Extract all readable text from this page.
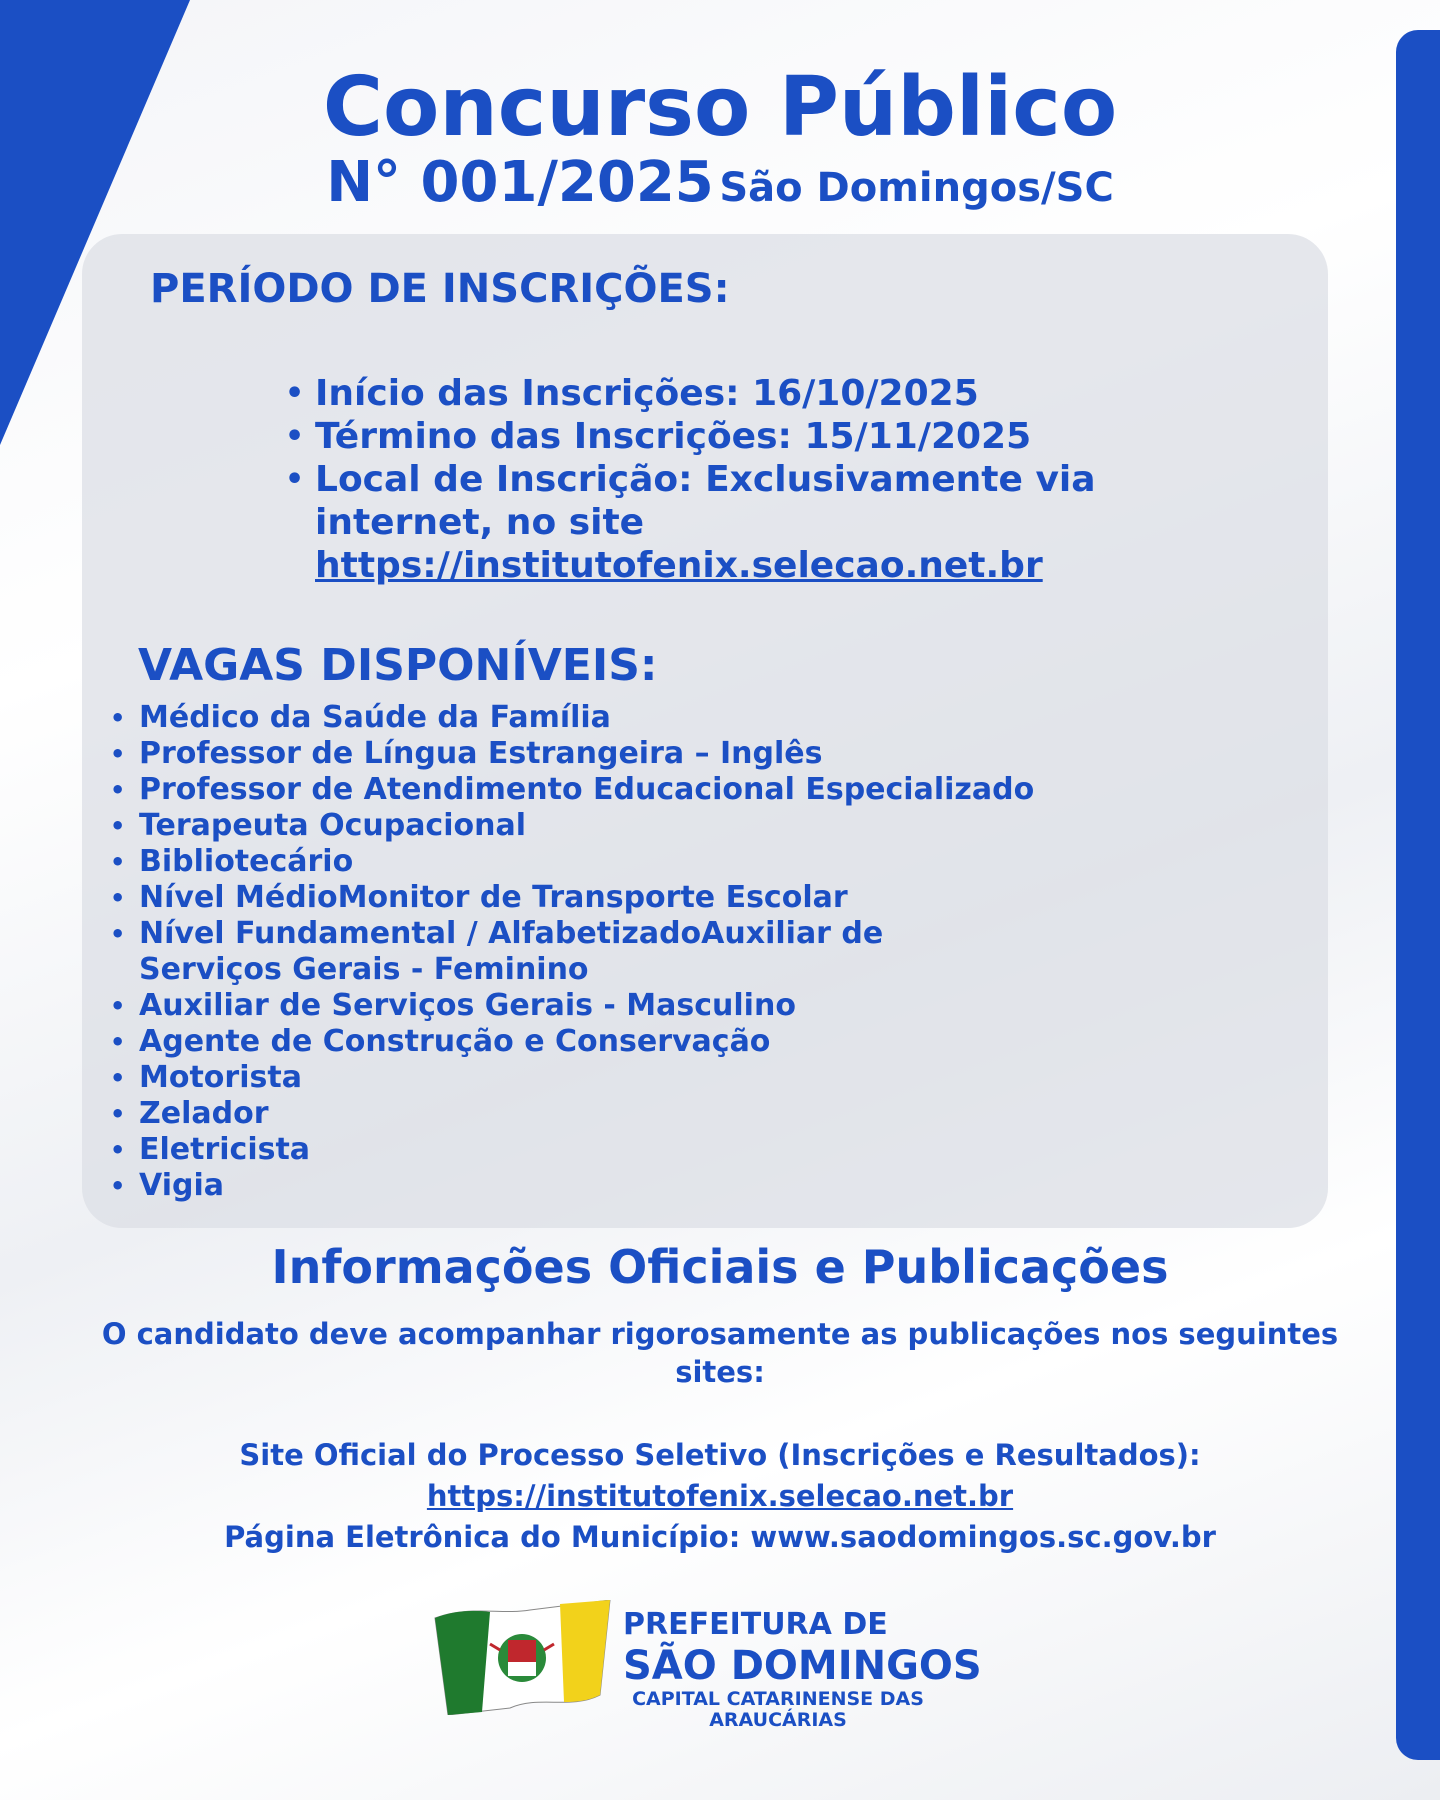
Concurso Público
N° 001/2025 São Domingos/SC
PERÍODO DE INSCRIÇÕES:
• Início das Inscrições: 16/10/2025
• Término das Inscrições: 15/11/2025
• Local de Inscrição: Exclusivamente via
internet, no site
https://institutofenix.selecao.net.br
VAGAS DISPONÍVEIS:
• Médico da Saúde da Família
• Professor de Língua Estrangeira – Inglês
• Professor de Atendimento Educacional Especializado
• Terapeuta Ocupacional
• Bibliotecário
• Nível MédioMonitor de Transporte Escolar
• Nível Fundamental / AlfabetizadoAuxiliar de Serviços Gerais - Feminino
• Auxiliar de Serviços Gerais - Masculino
• Agente de Construção e Conservação
• Motorista
• Zelador
• Eletricista
• Vigia
Informações Oficiais e Publicações
O candidato deve acompanhar rigorosamente as publicações nos seguintes sites:
Site Oficial do Processo Seletivo (Inscrições e Resultados):
https://institutofenix.selecao.net.br
Página Eletrônica do Município: www.saodomingos.sc.gov.br
PREFEITURA DE
SÃO DOMINGOS
CAPITAL CATARINENSE DAS ARAUCÁRIAS
